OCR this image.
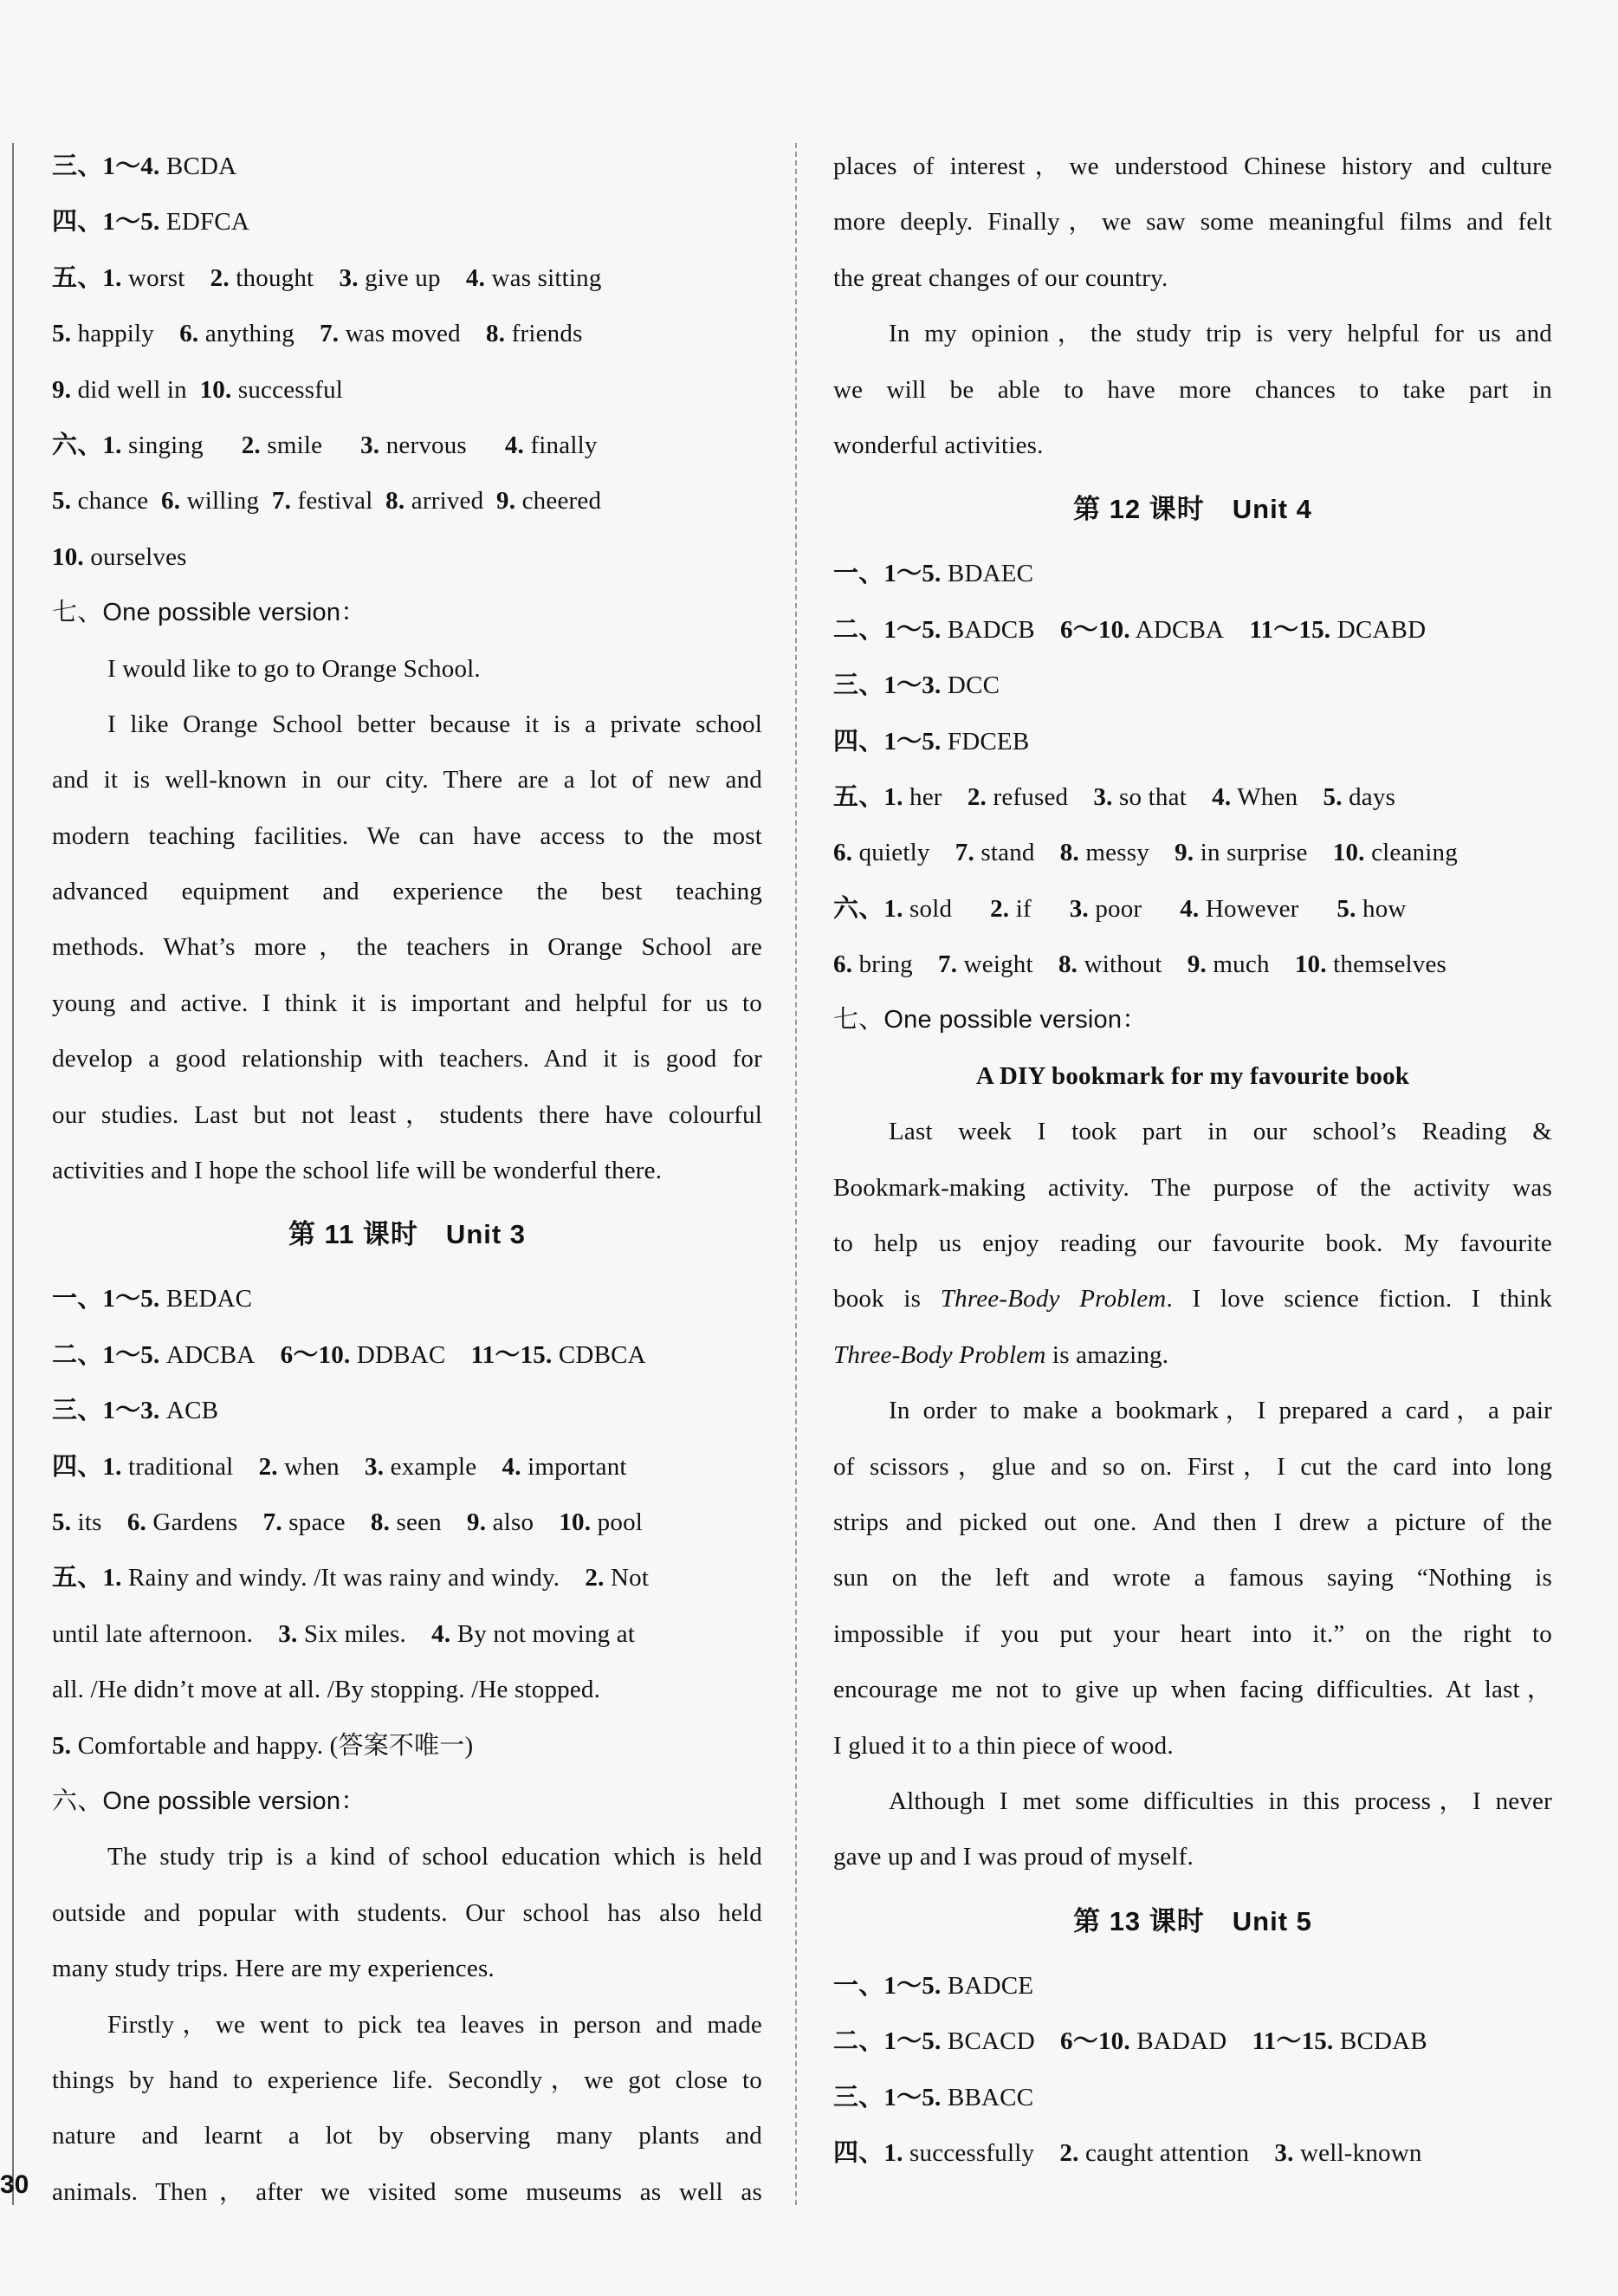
三、1～4. BCDA
四、1～5. EDFCA
五、1. worst  2. thought  3. give up  4. was sitting
5. happily  6. anything  7. was moved  8. friends
9. did well in  10. successful
六、1. singing   2. smile   3. nervous   4. finally
5. chance  6. willing  7. festival  8. arrived  9. cheered
10. ourselves
七、One possible version：
I would like to go to Orange School.
I like Orange School better because it is a private school
and it is well-known in our city. There are a lot of new and
modern teaching facilities. We can have access to the most
advanced equipment and experience the best teaching
methods. What’s more，the teachers in Orange School are
young and active. I think it is important and helpful for us to
develop a good relationship with teachers. And it is good for
our studies. Last but not least，students there have colourful
activities and I hope the school life will be wonderful there.
第 11 课时　Unit 3
一、1～5. BEDAC
二、1～5. ADCBA  6～10. DDBAC  11～15. CDBCA
三、1～3. ACB
四、1. traditional  2. when  3. example  4. important
5. its  6. Gardens  7. space  8. seen  9. also  10. pool
五、1. Rainy and windy. /It was rainy and windy.  2. Not
until late afternoon.  3. Six miles.  4. By not moving at
all. /He didn’t move at all. /By stopping. /He stopped.
5. Comfortable and happy. (答案不唯一)
六、One possible version：
The study trip is a kind of school education which is held
outside and popular with students. Our school has also held
many study trips. Here are my experiences.
Firstly，we went to pick tea leaves in person and made
things by hand to experience life. Secondly，we got close to
nature and learnt a lot by observing many plants and
animals. Then，after we visited some museums as well as
places of interest，we understood Chinese history and culture
more deeply. Finally，we saw some meaningful films and felt
the great changes of our country.
In my opinion，the study trip is very helpful for us and
we will be able to have more chances to take part in
wonderful activities.
第 12 课时　Unit 4
一、1～5. BDAEC
二、1～5. BADCB  6～10. ADCBA  11～15. DCABD
三、1～3. DCC
四、1～5. FDCEB
五、1. her  2. refused  3. so that  4. When  5. days
6. quietly  7. stand  8. messy  9. in surprise  10. cleaning
六、1. sold   2. if   3. poor   4. However   5. how
6. bring  7. weight  8. without  9. much  10. themselves
七、One possible version：
A DIY bookmark for my favourite book
Last week I took part in our school’s Reading &
Bookmark-making activity. The purpose of the activity was
to help us enjoy reading our favourite book. My favourite
book is Three-Body Problem. I love science fiction. I think
Three-Body Problem is amazing.
In order to make a bookmark，I prepared a card，a pair
of scissors，glue and so on. First，I cut the card into long
strips and picked out one. And then I drew a picture of the
sun on the left and wrote a famous saying “Nothing is
impossible if you put your heart into it.” on the right to
encourage me not to give up when facing difficulties. At last，
I glued it to a thin piece of wood.
Although I met some difficulties in this process，I never
gave up and I was proud of myself.
第 13 课时　Unit 5
一、1～5. BADCE
二、1～5. BCACD  6～10. BADAD  11～15. BCDAB
三、1～5. BBACC
四、1. successfully  2. caught attention  3. well-known
30
